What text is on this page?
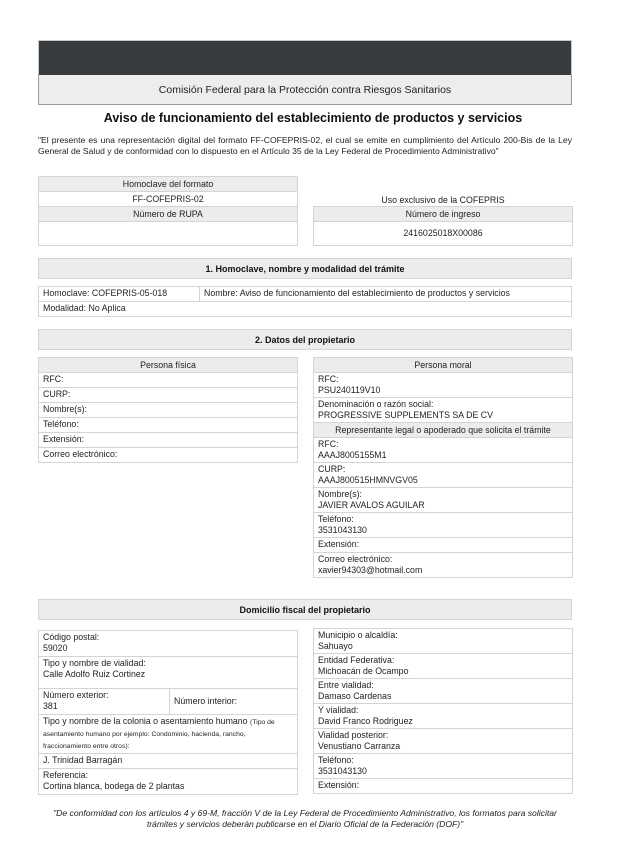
Comisión Federal para la Protección contra Riesgos Sanitarios
Aviso de funcionamiento del establecimiento de productos y servicios
"El presente es una representación digital del formato FF-COFEPRIS-02, el cual se emite en cumplimiento del Artículo 200-Bis de la Ley General de Salud y de conformidad con lo dispuesto en el Artículo 35 de la Ley Federal de Procedimiento Administrativo"
Homoclave del formato
FF-COFEPRIS-02
Número de RUPA

Uso exclusivo de la COFEPRIS
Número de ingreso
2416025018X00086
1. Homoclave, nombre y modalidad del trámite
Homoclave: COFEPRIS-05-018	Nombre: Aviso de funcionamiento del establecimiento de productos y servicios
Modalidad: No Aplica
2. Datos del propietario
Persona física
RFC:
CURP:
Nombre(s):
Teléfono:
Extensión:
Correo electrónico:
Persona moral

RFC:
PSU240119V10

Denominación o razón social:
PROGRESSIVE SUPPLEMENTS SA DE CV

Representante legal o apoderado que solicita el trámite

RFC:
AAAJ8005155M1

CURP:
AAAJ800515HMNVGV05

Nombre(s):
JAVIER AVALOS AGUILAR

Teléfono:
3531043130

Extensión:

Correo electrónico:
xavier94303@hotmail.com
Domicilio fiscal del propietario
Código postal:
59020

Tipo y nombre de vialidad:
Calle Adolfo Ruiz Cortinez

Número exterior:
381	Número interior:
Tipo y nombre de la colonia o asentamiento humano (Tipo de asentamiento humano por ejemplo: Condominio, hacienda, rancho, fraccionamiento entre otros):
J. Trinidad Barragán

Referencia:
Cortina blanca, bodega de 2 plantas
Municipio o alcaldía:
Sahuayo

Entidad Federativa:
Michoacán de Ocampo

Entre vialidad:
Damaso Cardenas

Y vialidad:
David Franco Rodriguez

Vialidad posterior:
Venustiano Carranza

Teléfono:
3531043130

Extensión:
"De conformidad con los artículos 4 y 69-M, fracción V de la Ley Federal de Procedimiento Administrativo, los formatos para solicitar trámites y servicios deberán publicarse en el Diario Oficial de la Federación (DOF)"
